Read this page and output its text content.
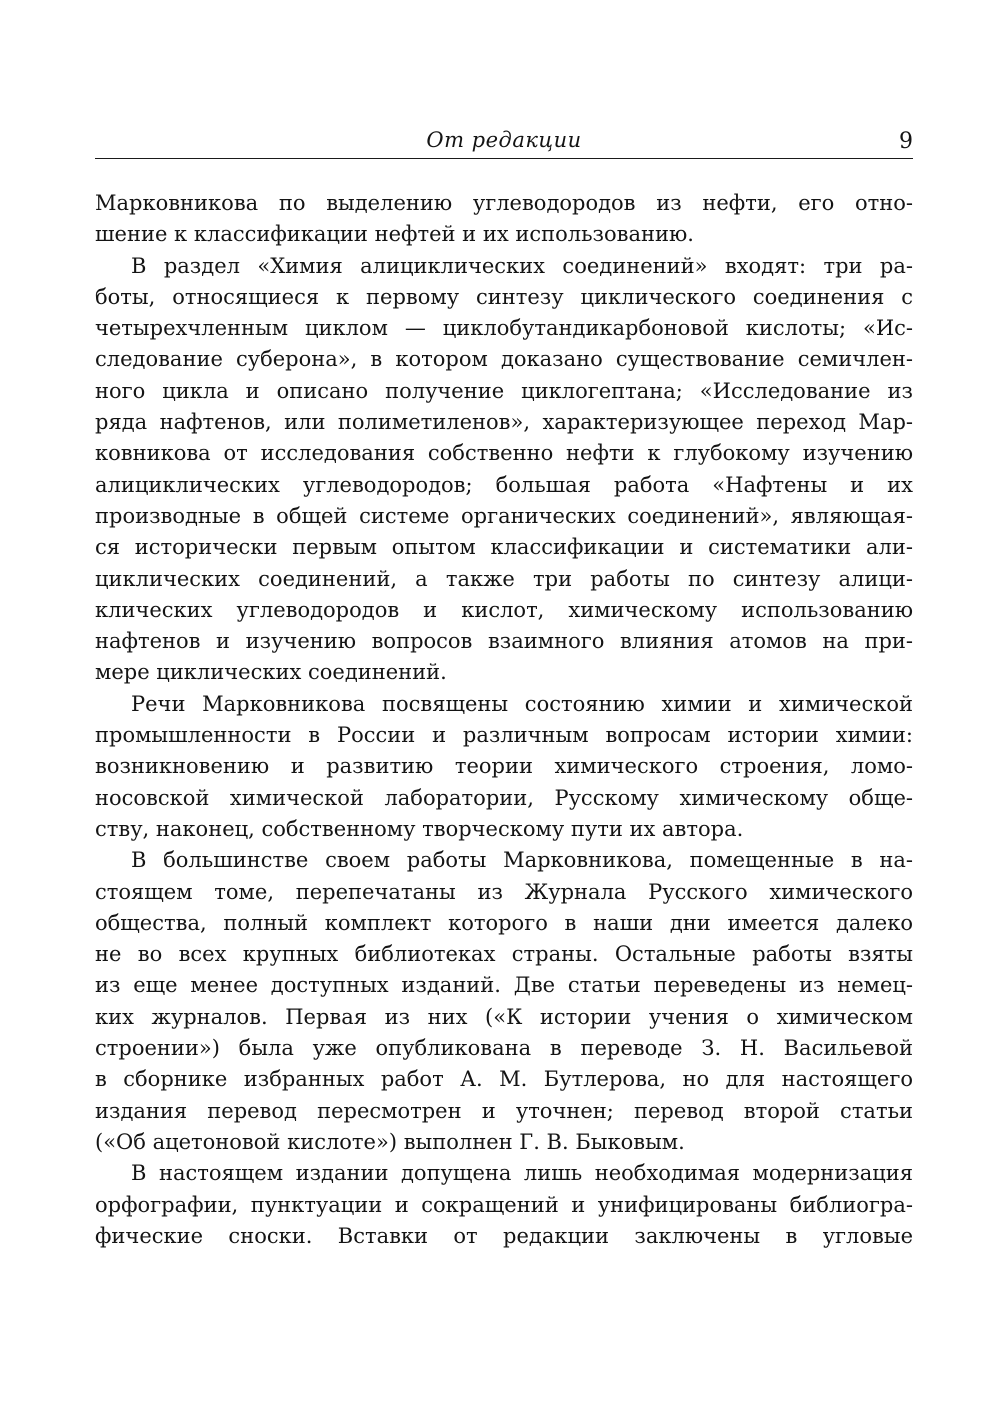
От редакции	9
Марковникова по выделению углеводородов из нефти, его отно-
шение к классификации нефтей и их использованию.
В раздел «Химия алициклических соединений» входят: три ра-
боты, относящиеся к первому синтезу циклического соединения с
четырехчленным циклом — циклобутандикарбоновой кислоты; «Ис-
следование суберона», в котором доказано существование семичлен-
ного цикла и описано получение циклогептана; «Исследование из
ряда нафтенов, или полиметиленов», характеризующее переход Мар-
ковникова от исследования собственно нефти к глубокому изучению
алициклических углеводородов; большая работа «Нафтены и их
производные в общей системе органических соединений», являющая-
ся исторически первым опытом классификации и систематики али-
циклических соединений, а также три работы по синтезу алици-
клических углеводородов и кислот, химическому использованию
нафтенов и изучению вопросов взаимного влияния атомов на при-
мере циклических соединений.
Речи Марковникова посвящены состоянию химии и химической
промышленности в России и различным вопросам истории химии:
возникновению и развитию теории химического строения, ломо-
носовской химической лаборатории, Русскому химическому обще-
ству, наконец, собственному творческому пути их автора.
В большинстве своем работы Марковникова, помещенные в на-
стоящем томе, перепечатаны из Журнала Русского химического
общества, полный комплект которого в наши дни имеется далеко
не во всех крупных библиотеках страны. Остальные работы взяты
из еще менее доступных изданий. Две статьи переведены из немец-
ких журналов. Первая из них («К истории учения о химическом
строении») была уже опубликована в переводе З. Н. Васильевой
в сборнике избранных работ А. М. Бутлерова, но для настоящего
издания перевод пересмотрен и уточнен; перевод второй статьи
(«Об ацетоновой кислоте») выполнен Г. В. Быковым.
В настоящем издании допущена лишь необходимая модернизация
орфографии, пунктуации и сокращений и унифицированы библиогра-
фические сноски. Вставки от редакции заключены в угловые
